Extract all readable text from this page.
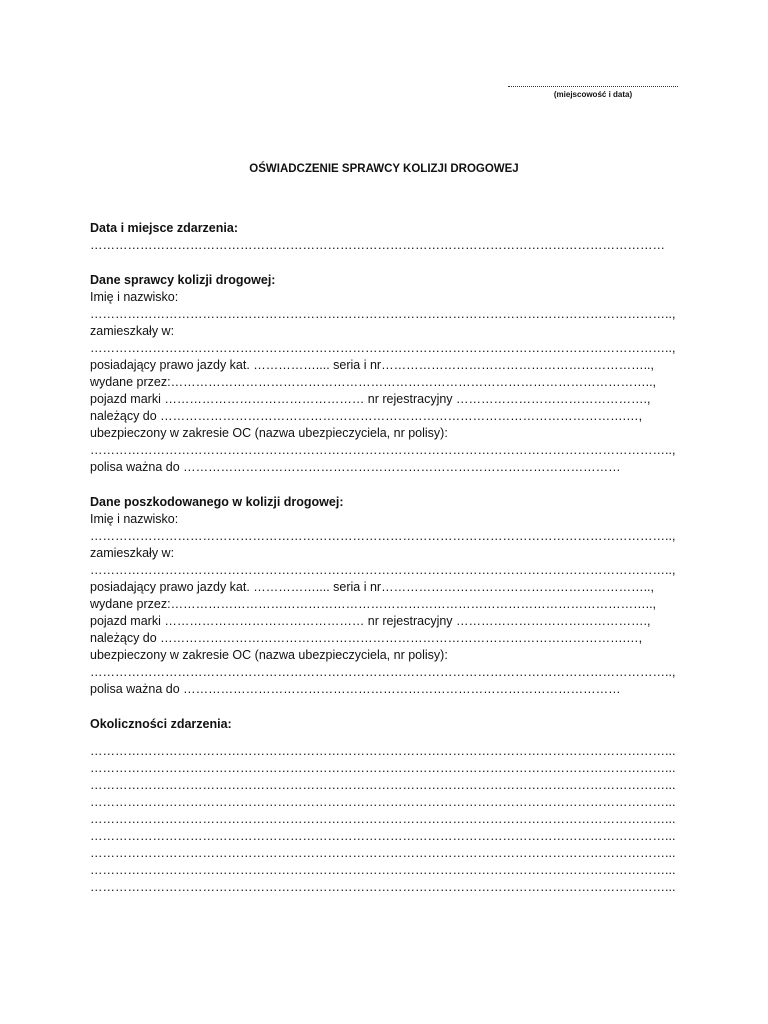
(miejscowość i data)
OŚWIADCZENIE SPRAWCY KOLIZJI DROGOWEJ
Data i miejsce zdarzenia:
…………………………………………………………………………………………………………………………
Dane sprawcy kolizji drogowej:
Imię i nazwisko:
…………………………………………………………………………………………………………………………..,
zamieszkały w:
…………………………………………………………………………………………………………………………..,
posiadający prawo jazdy kat. …………….... seria i nr………………………………………………………..,
wydane przez:……………………………………………………………………………………………………..,
pojazd marki ………………………………………… nr rejestracyjny ……………………………………….,
należący do ………………………………………………………………………………………………….…,
ubezpieczony w zakresie OC (nazwa ubezpieczyciela, nr polisy):
…………………………………………………………………………………………………………………………..,
polisa ważna do ……………………………………………………………………………………………
Dane poszkodowanego w kolizji drogowej:
Imię i nazwisko:
…………………………………………………………………………………………………………………………..,
zamieszkały w:
…………………………………………………………………………………………………………………………..,
posiadający prawo jazdy kat. …………….... seria i nr………………………………………………………..,
wydane przez:……………………………………………………………………………………………………..,
pojazd marki ………………………………………… nr rejestracyjny ……………………………………….,
należący do ………………………………………………………………………………………………….…,
ubezpieczony w zakresie OC (nazwa ubezpieczyciela, nr polisy):
…………………………………………………………………………………………………………………………..,
polisa ważna do ……………………………………………………………………………………………
Okoliczności zdarzenia:
…………………………………………………………………………………………………………………………...
…………………………………………………………………………………………………………………………...
…………………………………………………………………………………………………………………………...
…………………………………………………………………………………………………………………………...
…………………………………………………………………………………………………………………………...
…………………………………………………………………………………………………………………………...
…………………………………………………………………………………………………………………………...
…………………………………………………………………………………………………………………………...
…………………………………………………………………………………………………………………………...
